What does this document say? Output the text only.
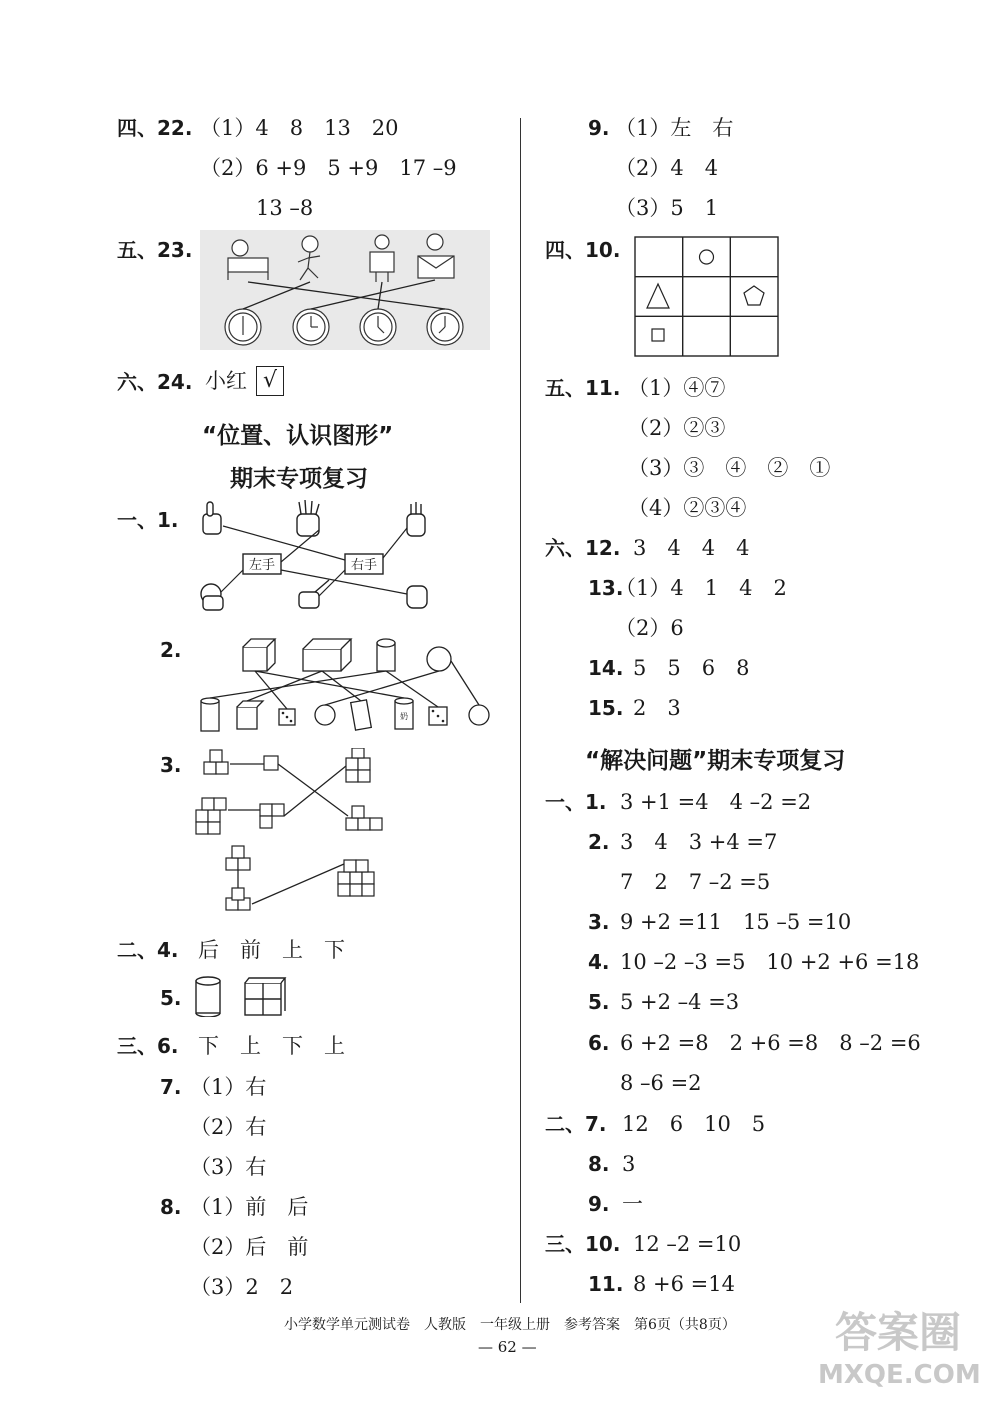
四、22. （1）4　8　13　20
（2）6 +9　5 +9　17 –9
13 –8
五、23.
六、24. 小红 √
“位置、认识图形”
期末专项复习
一、1.
左手	右手
2.
奶
3.
二、4. 后　前　上　下
5.
三、6. 下　上　下　上
7. （1）右
（2）右
（3）右
8. （1）前　后
（2）后　前
（3）2　2
9. （1）左　右
（2）4　4
（3）5　1
四、10.
五、11. （1）④⑦
（2）②③
（3）③　④　②　①
（4）②③④
六、12. 3　4　4　4
13.
（1）4　1　4　2
（2）6
14. 5　5　6　8
15. 2　3
“解决问题”期末专项复习
一、1. 3 +1 =4　4 –2 =2
2. 3　4　3 +4 =7
7　2　7 –2 =5
3. 9 +2 =11　15 –5 =10
4. 10 –2 –3 =5　10 +2 +6 =18
5. 5 +2 –4 =3
6. 6 +2 =8　2 +6 =8　8 –2 =6
8 –6 =2
二、7. 12　6　10　5
8. 3
9. 一
三、10. 12 –2 =10
11. 8 +6 =14
小学数学单元测试卷　人教版　一年级上册　参考答案　第6页（共8页）
— 62 —	答案圈
MXQE.COM
